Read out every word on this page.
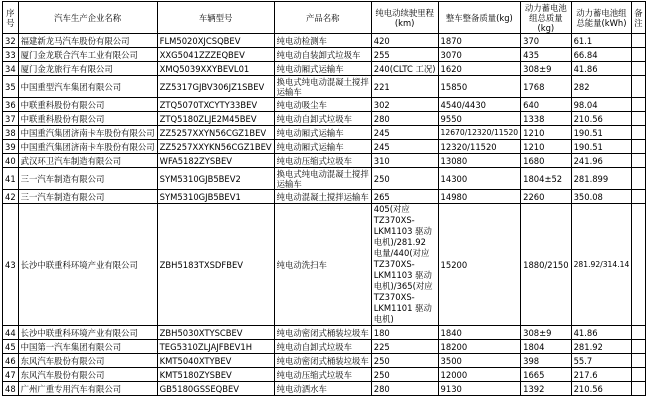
序号	汽车生产企业名称	车辆型号	产品名称	纯电动续驶里程(km)	整车整备质量(kg)	动力蓄电池组总质量(kg)	动力蓄电池组总能量(kWh)	备注
32	福建新龙马汽车股份有限公司	FLM5020XJCSQBEV	纯电动检测车	420	1870	370	61.1	
33	厦门金龙联合汽车工业有限公司	XXG5041ZZZEQBEV	纯电动自装卸式垃圾车	255	3070	435	66.84	
34	厦门金龙旅行车有限公司	XMQ5039XXYBEVL01	纯电动厢式运输车	240(CLTC 工况)	1620	308±9	41.86	
35	中国重型汽车集团有限公司	ZZ5317GJBV306JZ1SBEV	换电式纯电动混凝土搅拌运输车	221	15850	1768	282	
36	中联重科股份有限公司	ZTQ5070TXCYTY33BEV	纯电动吸尘车	302	4540/4430	640	98.04	
37	中联重科股份有限公司	ZTQ5180ZLJE2M45BEV	纯电动自卸式垃圾车	280	9550	1338	210.56	
38	中国重汽集团济南卡车股份有限公司	ZZ5257XXYN56CGZ1BEV	纯电动厢式运输车	245	12670/12320/11520	1210	190.51	
39	中国重汽集团济南卡车股份有限公司	ZZ5257XXYKN56CGZ1BEV	纯电动厢式运输车	245	12320/11520	1210	190.51	
40	武汉环卫汽车制造有限公司	WFA5182ZYSBEV	纯电动压缩式垃圾车	310	13080	1680	241.96	
41	三一汽车制造有限公司	SYM5310GJB5BEV2	换电式纯电动混凝土搅拌运输车	250	14300	1804±52	281.899	
42	三一汽车制造有限公司	SYM5310GJB5BEV1	纯电动混凝土搅拌运输车	265	14980	2260	350.08	
43	长沙中联重科环境产业有限公司	ZBH5183TXSDFBEV	纯电动洗扫车	405(对应 TZ370XS-LKM1103 驱动电机)/281.92 电量/440(对应 TZ370XS-LKM1103 驱动电机)/365(对应 TZ370XS-LKM1101 驱动电机)	15200	1880/2150	281.92/314.14	
44	长沙中联重科环境产业有限公司	ZBH5030XTYSCBEV	纯电动密闭式桶装垃圾车	180	1840	308±9	41.86	
45	中国第一汽车集团有限公司	TEG5310ZLJAJFBEV1H	纯电动自卸式垃圾车	225	18200	1804	281.92	
46	东风汽车股份有限公司	KMT5040XTYBEV	纯电动密闭式桶装垃圾车	250	3500	398	55.7	
47	东风汽车股份有限公司	KMT5180ZYSBEV	纯电动压缩式垃圾车	250	12000	1665	217.6	
48	广州广重专用汽车有限公司	GB5180GSSEQBEV	纯电动洒水车	280	9130	1392	210.56	
